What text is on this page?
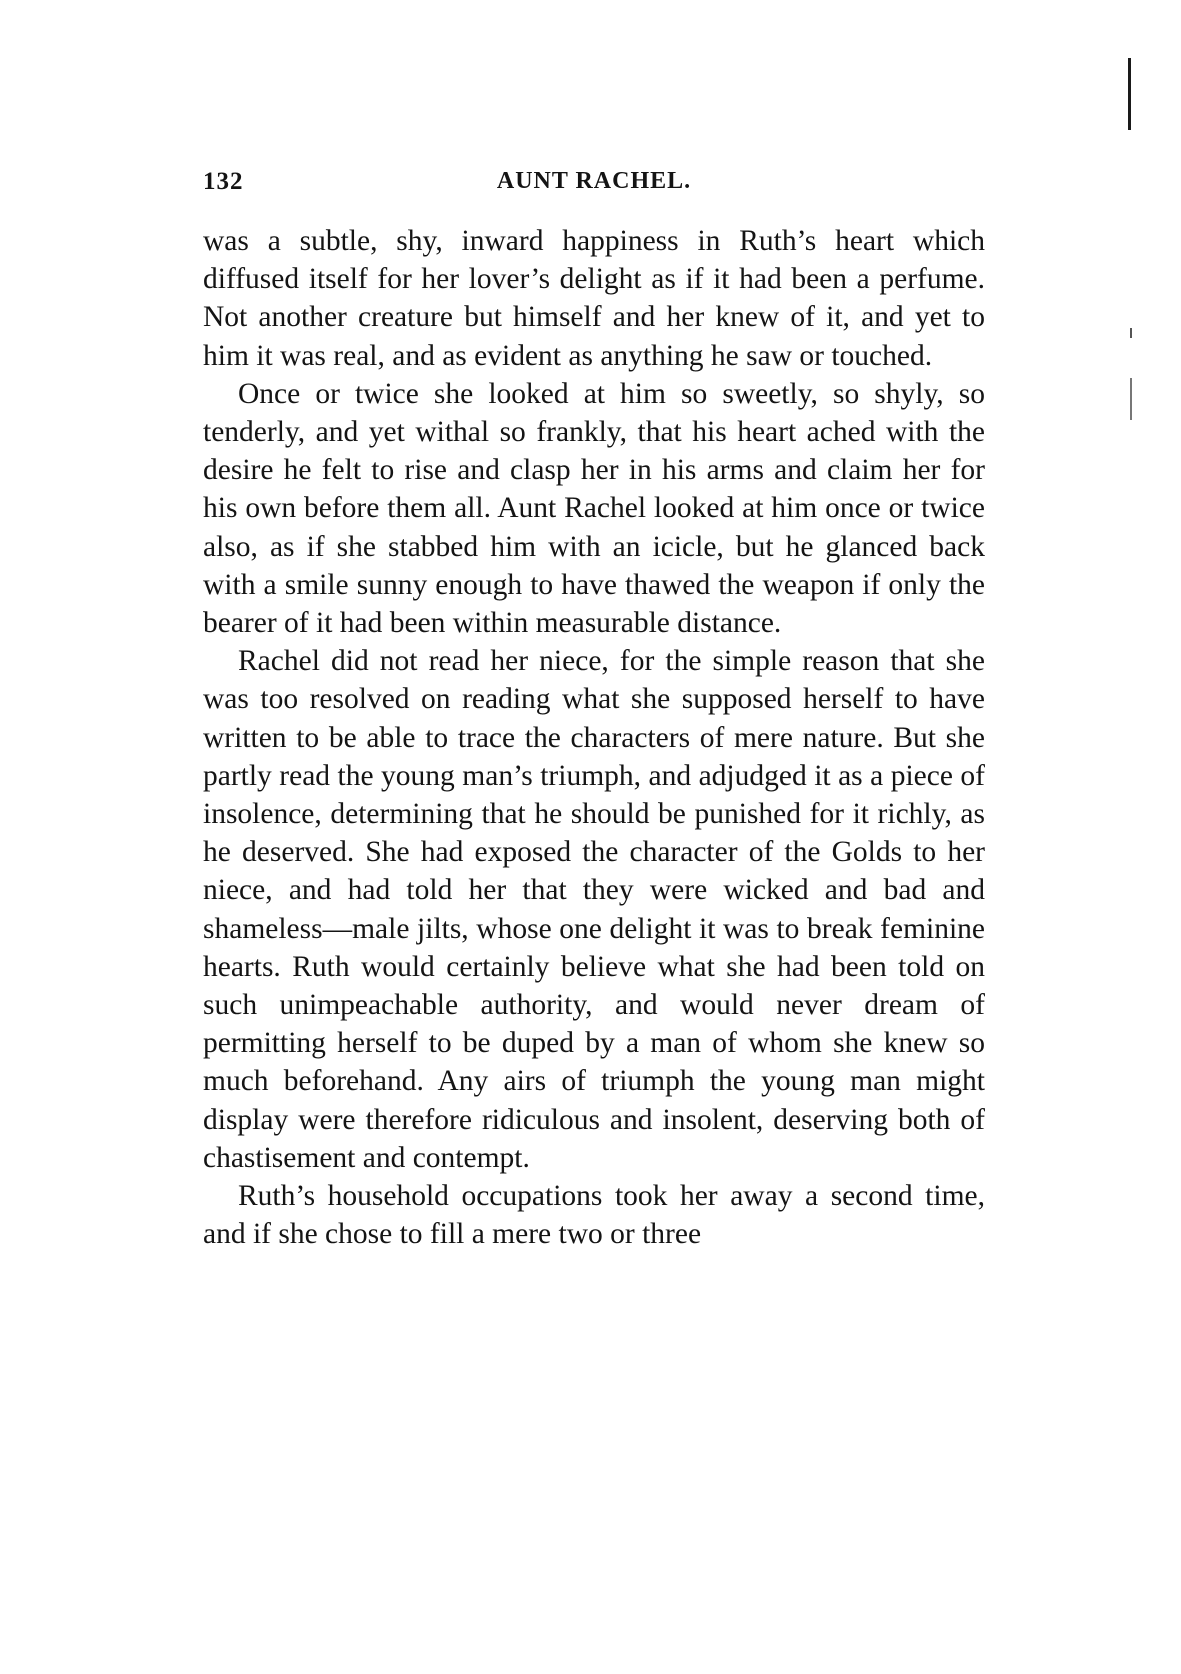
132	AUNT RACHEL.

was a subtle, shy, inward happiness in Ruth’s heart which diffused itself for her lover’s delight as if it had been a perfume. Not another creature but himself and her knew of it, and yet to him it was real, and as evident as anything he saw or touched.

Once or twice she looked at him so sweetly, so shyly, so tenderly, and yet withal so frankly, that his heart ached with the desire he felt to rise and clasp her in his arms and claim her for his own before them all. Aunt Rachel looked at him once or twice also, as if she stabbed him with an icicle, but he glanced back with a smile sunny enough to have thawed the weapon if only the bearer of it had been within measurable distance.

Rachel did not read her niece, for the simple reason that she was too resolved on reading what she supposed herself to have written to be able to trace the characters of mere nature. But she partly read the young man’s triumph, and adjudged it as a piece of insolence, determining that he should be punished for it richly, as he deserved. She had exposed the character of the Golds to her niece, and had told her that they were wicked and bad and shameless—male jilts, whose one delight it was to break feminine hearts. Ruth would certainly believe what she had been told on such unimpeachable authority, and would never dream of permitting herself to be duped by a man of whom she knew so much beforehand. Any airs of triumph the young man might display were therefore ridiculous and insolent, deserving both of chastisement and contempt.

Ruth’s household occupations took her away a second time, and if she chose to fill a mere two or three
